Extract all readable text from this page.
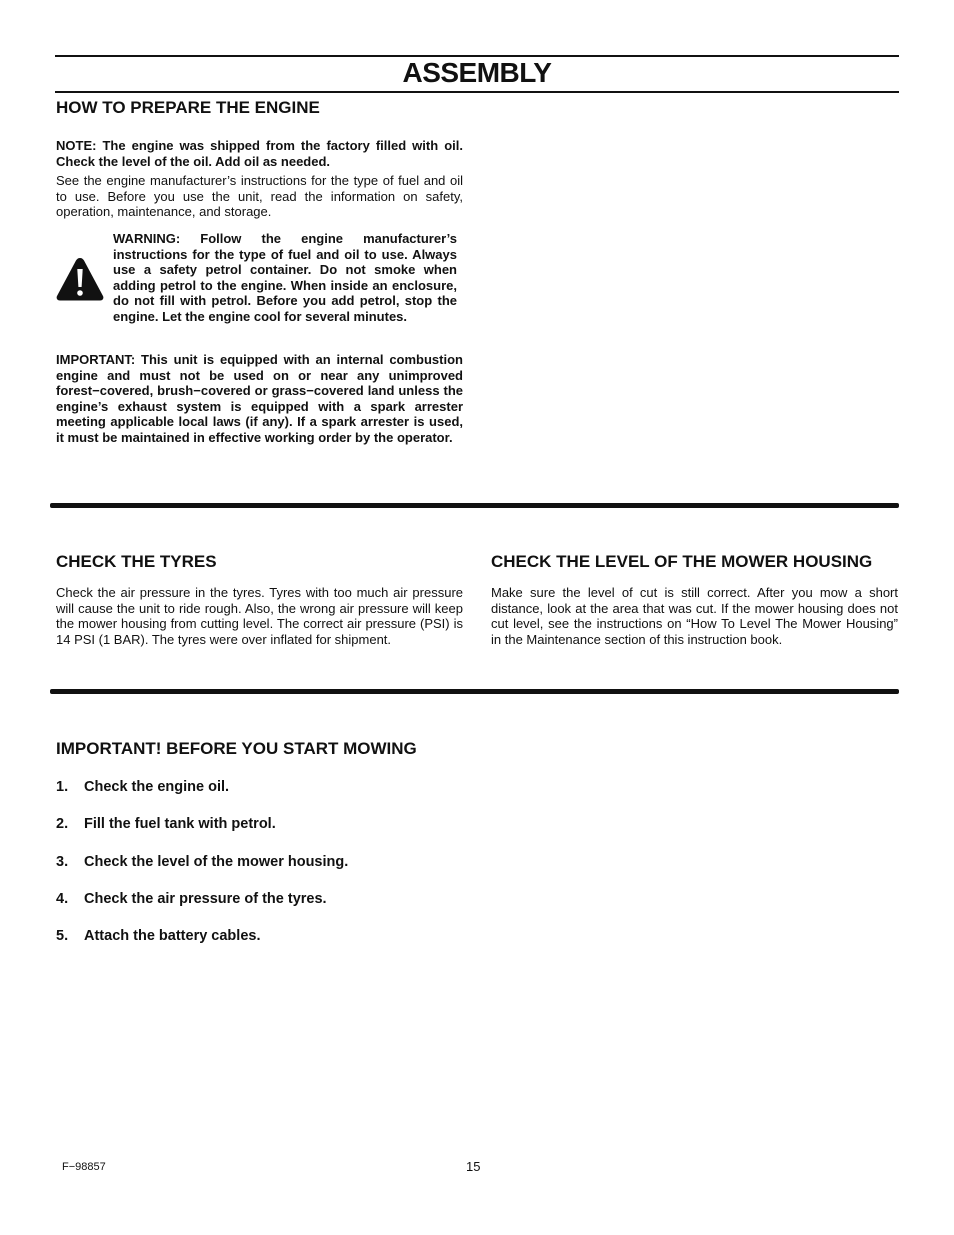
ASSEMBLY
HOW TO PREPARE THE ENGINE

NOTE: The engine was shipped from the factory filled with oil. Check the level of the oil. Add oil as needed.

See the engine manufacturer’s instructions for the type of fuel and oil to use. Before you use the unit, read the information on safety, operation, maintenance, and storage.

WARNING: Follow the engine manufacturer’s instructions for the type of fuel and oil to use. Always use a safety petrol container. Do not smoke when adding petrol to the engine. When inside an enclosure, do not fill with petrol. Before you add petrol, stop the engine. Let the engine cool for several minutes.

IMPORTANT: This unit is equipped with an internal combustion engine and must not be used on or near any unimproved forest−covered, brush−covered or grass−covered land unless the engine’s exhaust system is equipped with a spark arrester meeting applicable local laws (if any). If a spark arrester is used, it must be maintained in effective working order by the operator.

CHECK THE TYRES

Check the air pressure in the tyres. Tyres with too much air pressure will cause the unit to ride rough. Also, the wrong air pressure will keep the mower housing from cutting level. The correct air pressure (PSI) is 14 PSI (1 BAR). The tyres were over inflated for shipment.

CHECK THE LEVEL OF THE MOWER HOUSING

Make sure the level of cut is still correct. After you mow a short distance, look at the area that was cut. If the mower housing does not cut level, see the instructions on “How To Level The Mower Housing” in the Maintenance section of this instruction book.

IMPORTANT! BEFORE YOU START MOWING
1. Check the engine oil.
2. Fill the fuel tank with petrol.
3. Check the level of the mower housing.
4. Check the air pressure of the tyres.
5. Attach the battery cables.
F−98857	15
